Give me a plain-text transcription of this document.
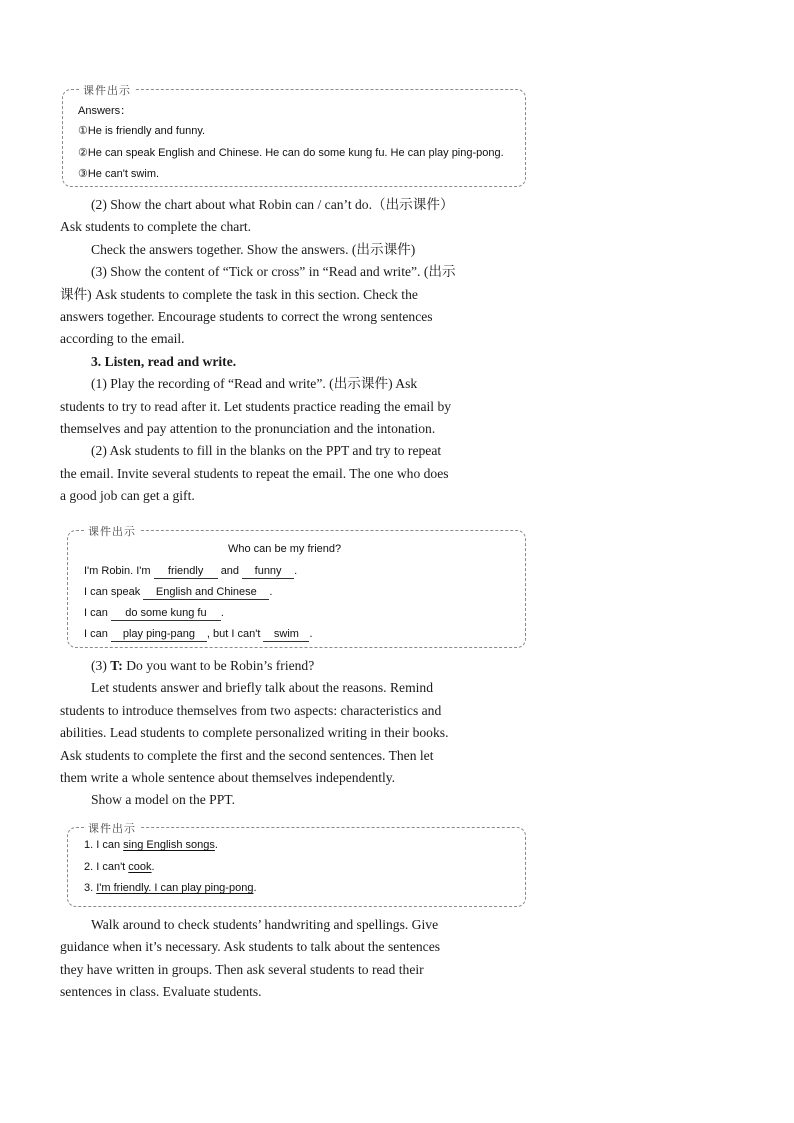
课件出示
Answers：
①He is friendly and funny.
②He can speak English and Chinese. He can do some kung fu. He can play ping-pong.
③He can't swim.

(2) Show the chart about what Robin can / can’t do.（出示课件）

Ask students to complete the chart.

Check the answers together. Show the answers. (出示课件)

(3) Show the content of “Tick or cross” in “Read and write”. (出示

课件) Ask students to complete the task in this section. Check the

answers together. Encourage students to correct the wrong sentences

according to the email.

3. Listen, read and write.

(1) Play the recording of “Read and write”. (出示课件) Ask

students to try to read after it. Let students practice reading the email by

themselves and pay attention to the pronunciation and the intonation.

(2) Ask students to fill in the blanks on the PPT and try to repeat

the email. Invite several students to repeat the email. The one who does

a good job can get a gift.

课件出示
Who can be my friend?
I'm Robin. I'm friendly and funny .
I can speak English and Chinese .
I can do some kung fu .
I can play ping-pang , but I can't swim .

(3) T: Do you want to be Robin’s friend?

Let students answer and briefly talk about the reasons. Remind

students to introduce themselves from two aspects: characteristics and

abilities. Lead students to complete personalized writing in their books.

Ask students to complete the first and the second sentences. Then let

them write a whole sentence about themselves independently.

Show a model on the PPT.

课件出示
1. I can sing English songs.
2. I can't cook.
3. I'm friendly. I can play ping-pong.

Walk around to check students’ handwriting and spellings. Give

guidance when it’s necessary. Ask students to talk about the sentences

they have written in groups. Then ask several students to read their

sentences in class. Evaluate students.
